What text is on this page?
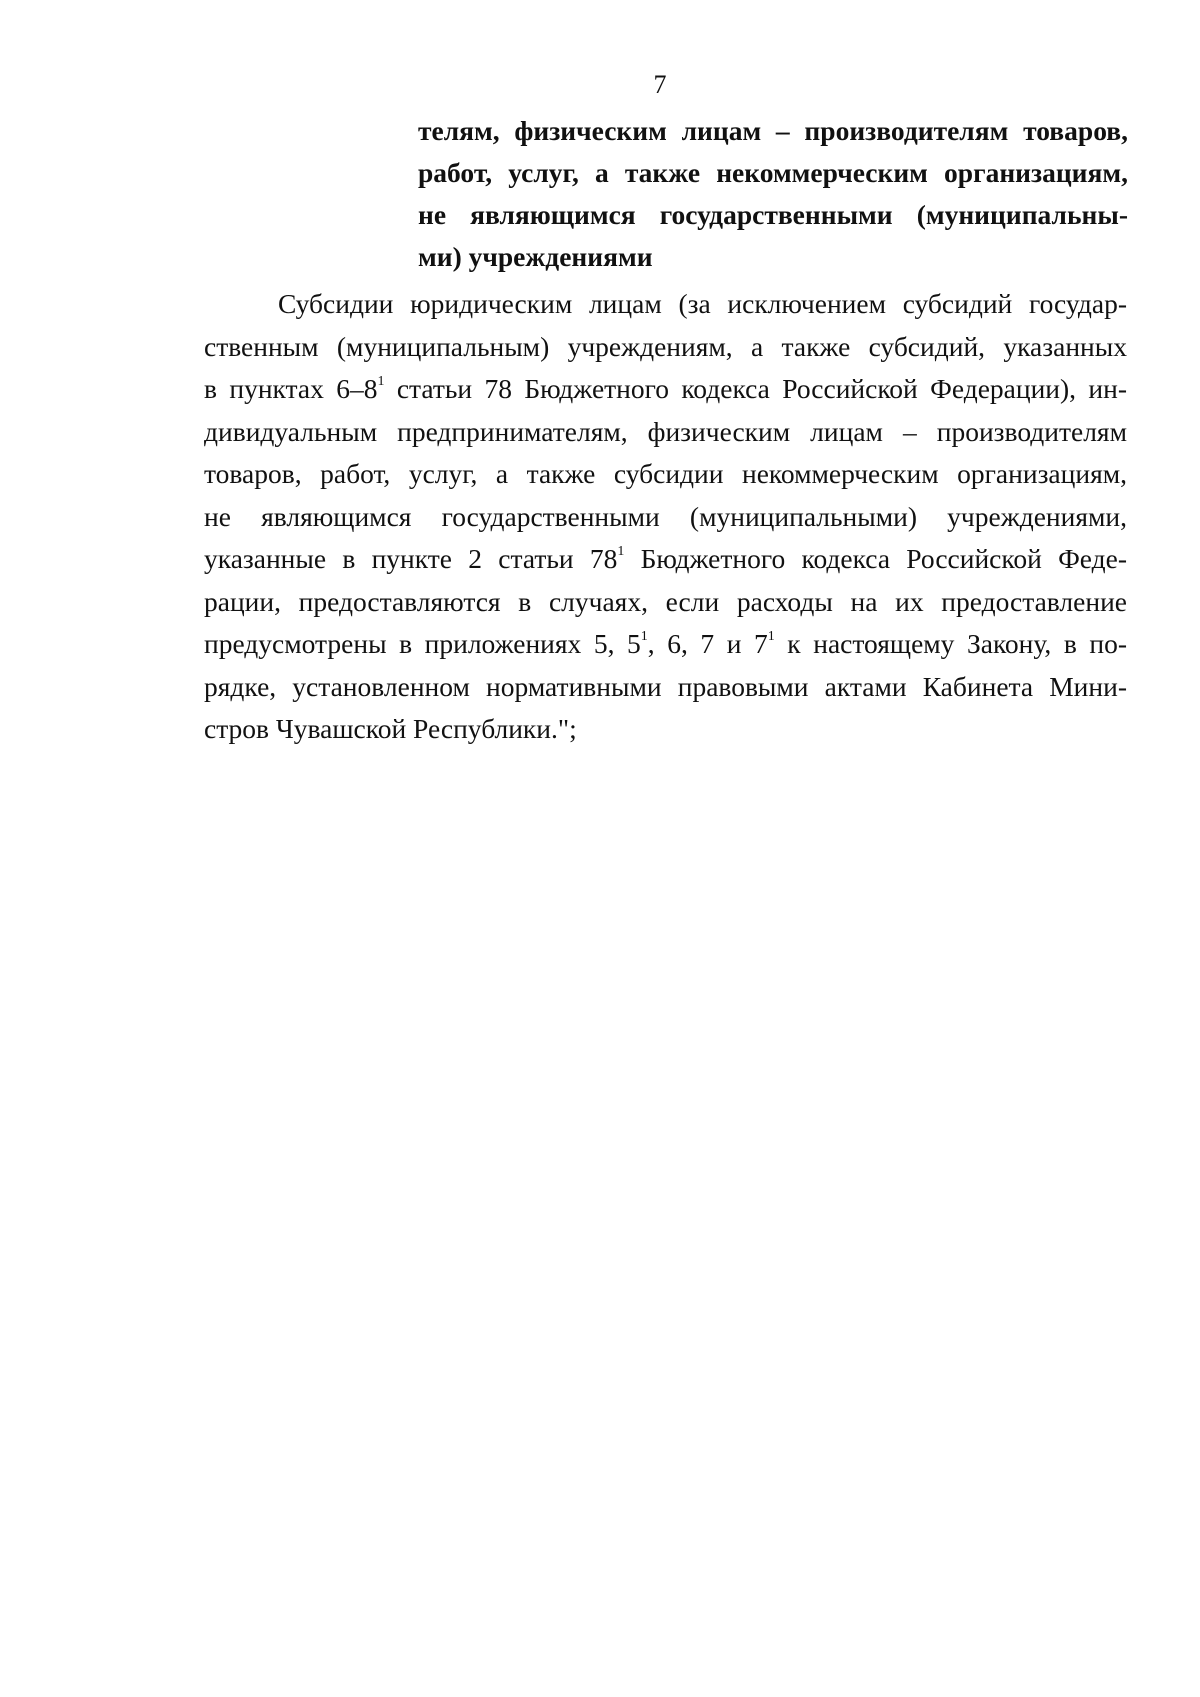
7
телям, физическим лицам – производителям товаров,
работ, услуг, а также некоммерческим организациям,
не являющимся государственными (муниципальны-
ми) учреждениями
Субсидии юридическим лицам (за исключением субсидий государ-
ственным (муниципальным) учреждениям, а также субсидий, указанных
в пунктах $6-8^1$ статьи 78 Бюджетного кодекса Российской Федерации), ин-
дивидуальным предпринимателям, физическим лицам – производителям
товаров, работ, услуг, а также субсидии некоммерческим организациям,
не являющимся государственными (муниципальными) учреждениями,
указанные в пункте 2 статьи $78^1$ Бюджетного кодекса Российской Феде-
рации, предоставляются в случаях, если расходы на их предоставление
предусмотрены в приложениях 5, $5^1$, 6, 7 и $7^1$ к настоящему Закону, в по-
рядке, установленном нормативными правовыми актами Кабинета Мини-
стров Чувашской Республики.";
